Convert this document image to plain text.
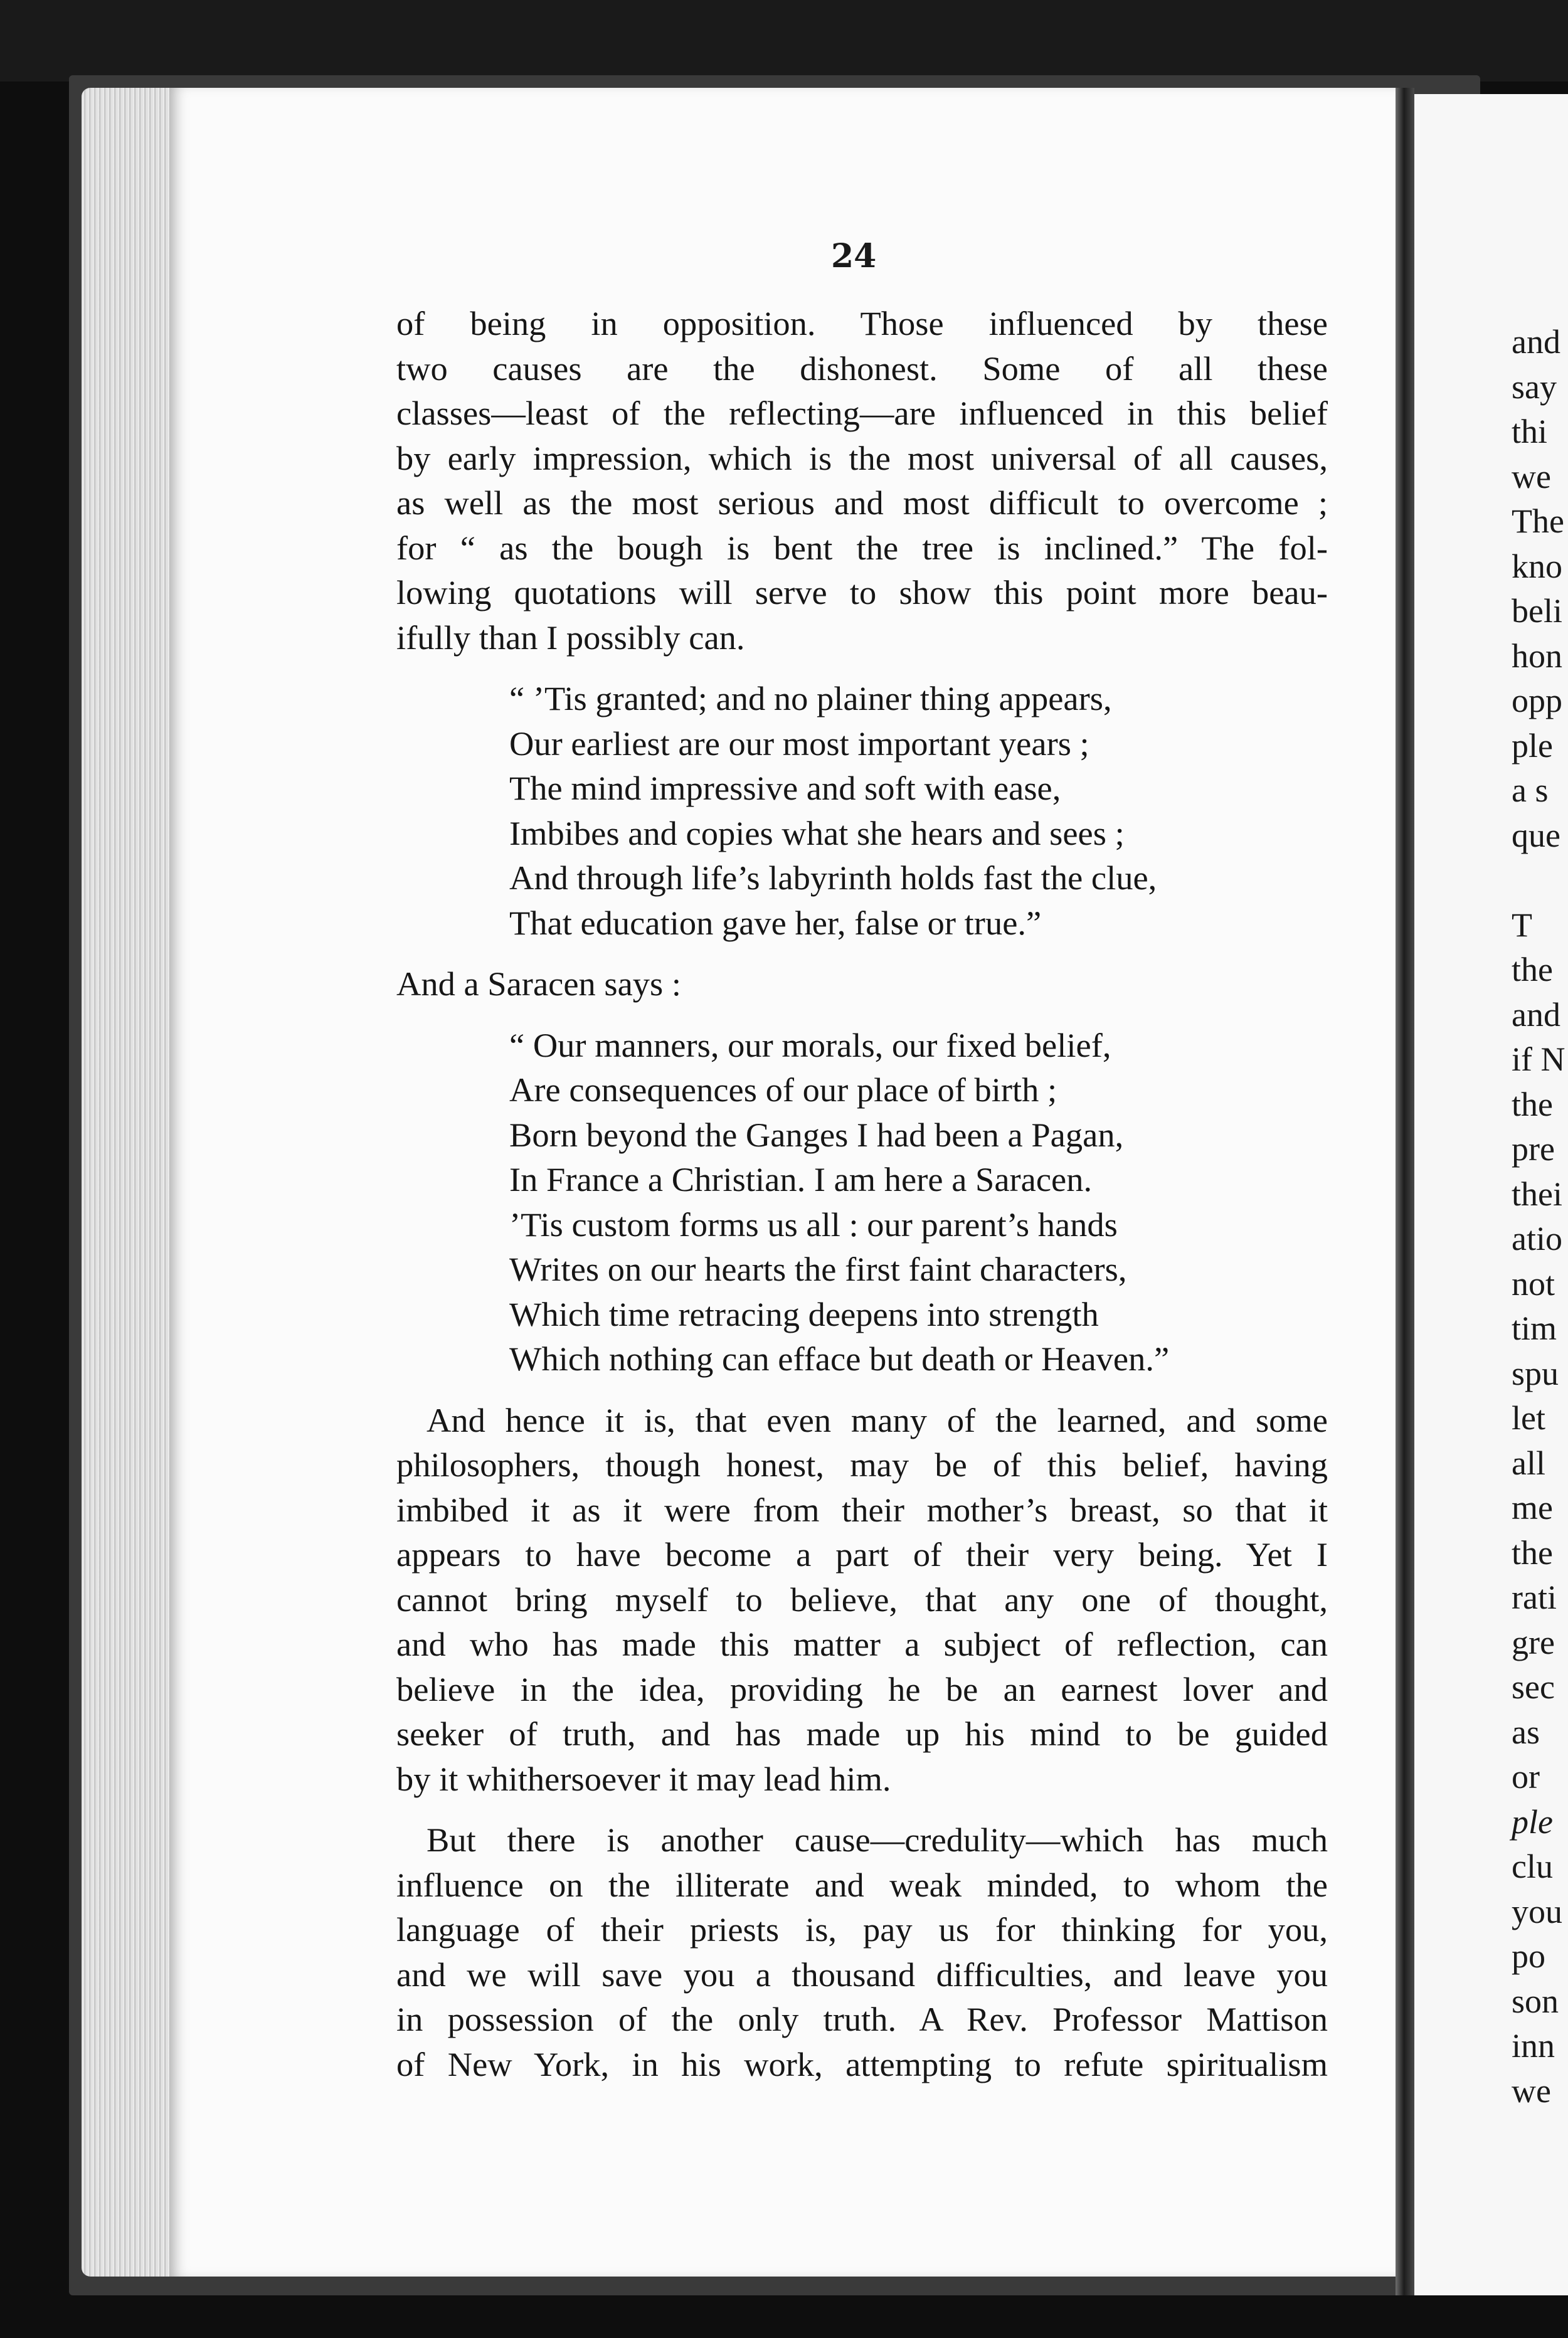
24
of being in opposition. Those influenced by these
two causes are the dishonest. Some of all these
classes—least of the reflecting—are influenced in this belief
by early impression, which is the most universal of all causes,
as well as the most serious and most difficult to overcome ;
for “ as the bough is bent the tree is inclined.” The fol-
lowing quotations will serve to show this point more beau-
ifully than I possibly can.
“ ’Tis granted; and no plainer thing appears,
Our earliest are our most important years ;
The mind impressive and soft with ease,
Imbibes and copies what she hears and sees ;
And through life’s labyrinth holds fast the clue,
That education gave her, false or true.”
And a Saracen says :
“ Our manners, our morals, our fixed belief,
Are consequences of our place of birth ;
Born beyond the Ganges I had been a Pagan,
In France a Christian. I am here a Saracen.
’Tis custom forms us all : our parent’s hands
Writes on our hearts the first faint characters,
Which time retracing deepens into strength
Which nothing can efface but death or Heaven.”
And hence it is, that even many of the learned, and some
philosophers, though honest, may be of this belief, having
imbibed it as it were from their mother’s breast, so that it
appears to have become a part of their very being. Yet I
cannot bring myself to believe, that any one of thought,
and who has made this matter a subject of reflection, can
believe in the idea, providing he be an earnest lover and
seeker of truth, and has made up his mind to be guided
by it whithersoever it may lead him.
But there is another cause—credulity—which has much
influence on the illiterate and weak minded, to whom the
language of their priests is, pay us for thinking for you,
and we will save you a thousand difficulties, and leave you
in possession of the only truth. A Rev. Professor Mattison
of New York, in his work, attempting to refute spiritualism
and
say
thi
we
The
kno
beli
hon
opp
ple
a s
que

T
the
and
if N
the
pre
thei
atio
not
tim
spu
let
all
me
the
rati
gre
sec
as
or
ple
clu
you
po
son
inn
we
